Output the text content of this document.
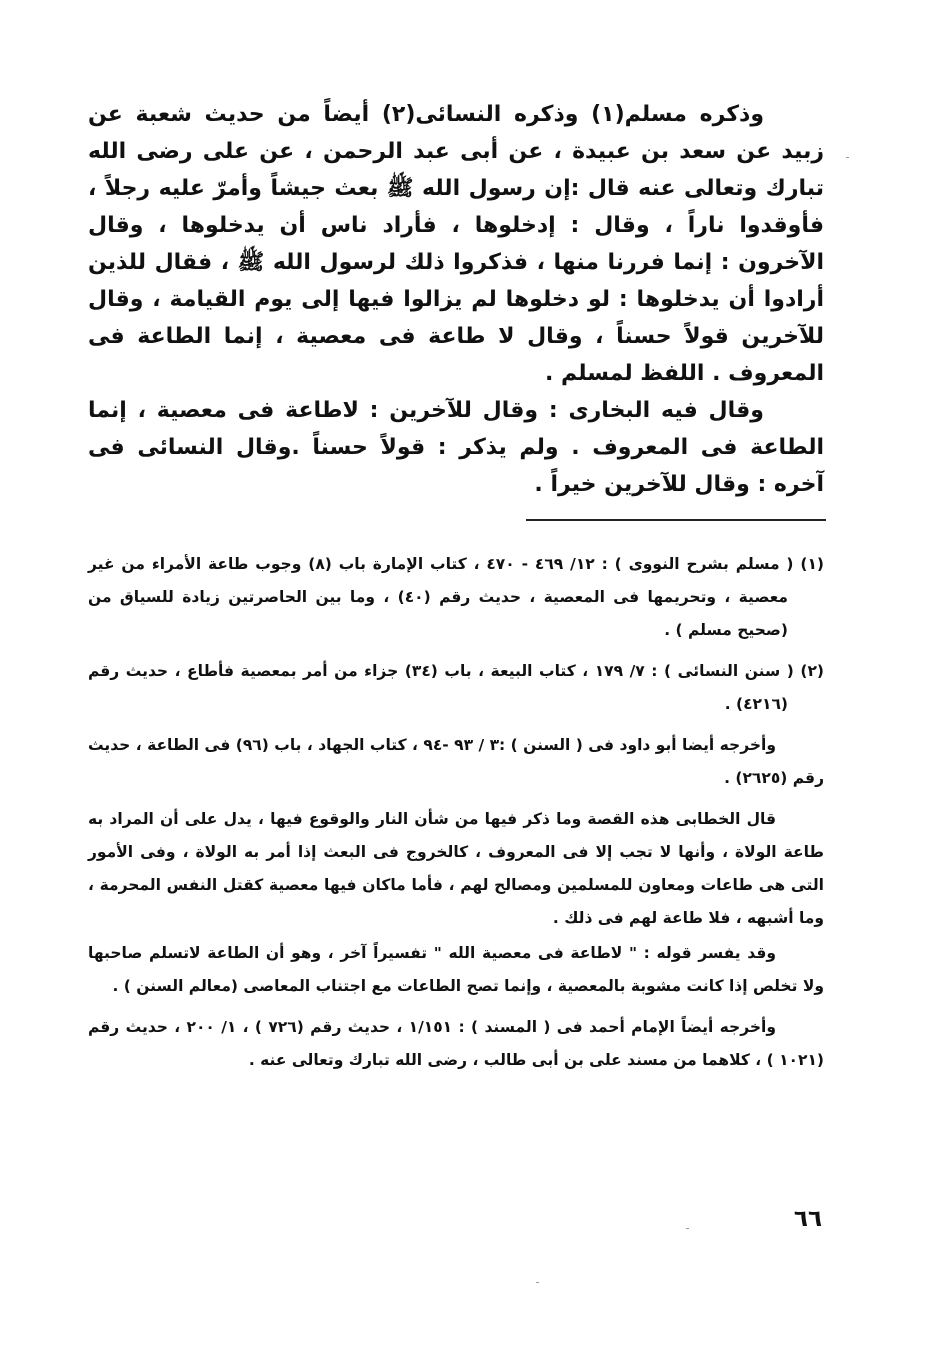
وذكره مسلم(١) وذكره النسائى(٢) أيضاً من حديث شعبة عن زبيد عن سعد بن عبيدة ، عن أبى عبد الرحمن ، عن على رضى الله تبارك وتعالى عنه قال :إن رسول الله ﷺ بعث جيشاً وأمرّ عليه رجلاً ، فأوقدوا ناراً ، وقال : إدخلوها ، فأراد ناس أن يدخلوها ، وقال الآخرون : إنما فررنا منها ، فذكروا ذلك لرسول الله ﷺ ، فقال للذين أرادوا أن يدخلوها : لو دخلوها لم يزالوا فيها إلى يوم القيامة ، وقال للآخرين قولاً حسناً ، وقال لا طاعة فى معصية ، إنما الطاعة فى المعروف . اللفظ لمسلم .

وقال فيه البخارى : وقال للآخرين : لاطاعة فى معصية ، إنما الطاعة فى المعروف . ولم يذكر : قولاً حسناً .وقال النسائى فى آخره : وقال للآخرين خيراً .

(١) ( مسلم بشرح النووى ) : ١٢/ ٤٦٩ - ٤٧٠ ، كتاب الإمارة باب (٨) وجوب طاعة الأمراء من غير معصية ، وتحريمها فى المعصية ، حديث رقم (٤٠) ، وما بين الحاصرتين زيادة للسياق من (صحيح مسلم ) .

(٢) ( سنن النسائى ) : ٧/ ١٧٩ ، كتاب البيعة ، باب (٣٤) جزاء من أمر بمعصية فأطاع ، حديث رقم (٤٢١٦) .

وأخرجه أيضا أبو داود فى ( السنن ) :٣ / ٩٣ -٩٤ ، كتاب الجهاد ، باب (٩٦) فى الطاعة ، حديث رقم (٢٦٢٥) .

قال الخطابى هذه القصة وما ذكر فيها من شأن النار والوقوع فيها ، يدل على أن المراد به طاعة الولاة ، وأنها لا تجب إلا فى المعروف ، كالخروج فى البعث إذا أمر به الولاة ، وفى الأمور التى هى طاعات ومعاون للمسلمين ومصالح لهم ، فأما ماكان فيها معصية كقتل النفس المحرمة ، وما أشبهه ، فلا طاعة لهم فى ذلك .

وقد يفسر قوله : " لاطاعة فى معصية الله " تفسيراً آخر ، وهو أن الطاعة لاتسلم صاحبها ولا تخلص إذا كانت مشوبة بالمعصية ، وإنما تصح الطاعات مع اجتناب المعاصى (معالم السنن ) .

وأخرجه أيضاً الإمام أحمد فى ( المسند ) : ١/١٥١ ، حديث رقم (٧٢٦ ) ، ١/ ٢٠٠ ، حديث رقم (١٠٢١ ) ، كلاهما من مسند على بن أبى طالب ، رضى الله تبارك وتعالى عنه .

٦٦
